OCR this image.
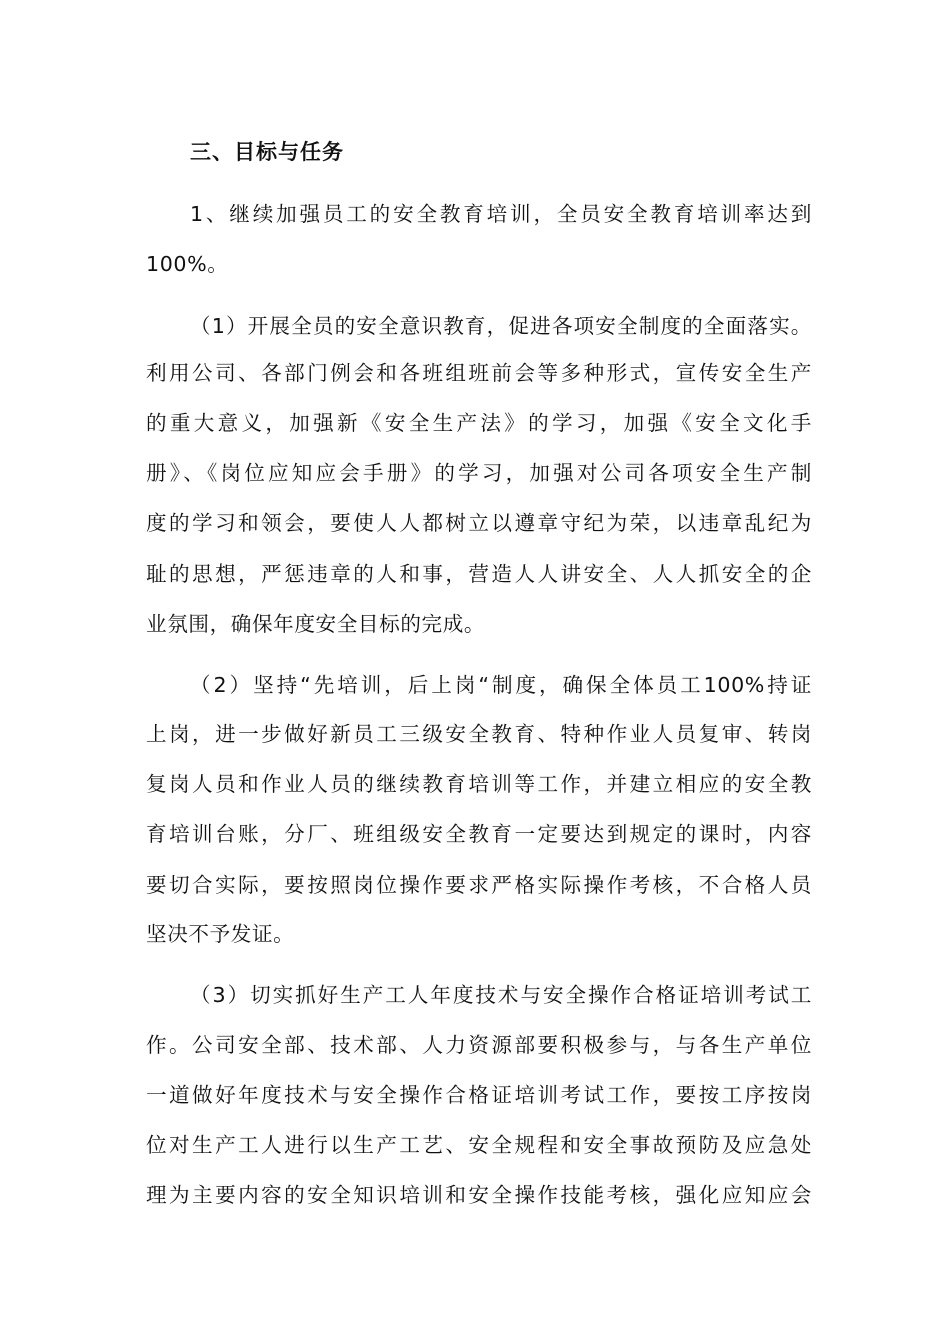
三、目标与任务
1、继续加强员工的安全教育培训，全员安全教育培训率达到
100%。
（1）开展全员的安全意识教育，促进各项安全制度的全面落实。
利用公司、各部门例会和各班组班前会等多种形式，宣传安全生产
的重大意义，加强新《安全生产法》的学习，加强《安全文化手
册》、《岗位应知应会手册》的学习，加强对公司各项安全生产制
度的学习和领会，要使人人都树立以遵章守纪为荣，以违章乱纪为
耻的思想，严惩违章的人和事，营造人人讲安全、人人抓安全的企
业氛围，确保年度安全目标的完成。
（2）坚持“先培训，后上岗“制度，确保全体员工100%持证
上岗，进一步做好新员工三级安全教育、特种作业人员复审、转岗
复岗人员和作业人员的继续教育培训等工作，并建立相应的安全教
育培训台账，分厂、班组级安全教育一定要达到规定的课时，内容
要切合实际，要按照岗位操作要求严格实际操作考核，不合格人员
坚决不予发证。
（3）切实抓好生产工人年度技术与安全操作合格证培训考试工
作。公司安全部、技术部、人力资源部要积极参与，与各生产单位
一道做好年度技术与安全操作合格证培训考试工作，要按工序按岗
位对生产工人进行以生产工艺、安全规程和安全事故预防及应急处
理为主要内容的安全知识培训和安全操作技能考核，强化应知应会
